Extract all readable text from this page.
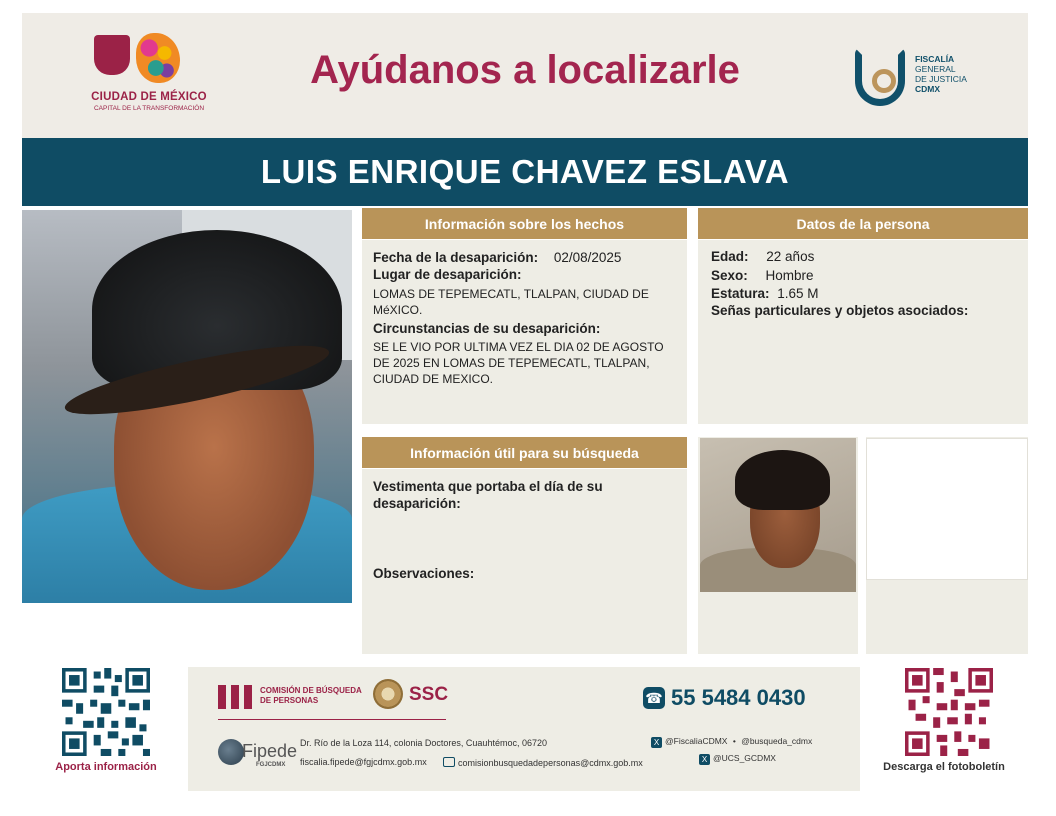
CIUDAD DE MÉXICO
CAPITAL DE LA TRANSFORMACIÓN
Ayúdanos a localizarle	FISCALÍA
GENERAL
DE JUSTICIA
CDMX
LUIS ENRIQUE CHAVEZ ESLAVA
Información sobre los hechos
Fecha de la desaparición: 02/08/2025
Lugar de desaparición:
LOMAS DE TEPEMECATL, TLALPAN, CIUDAD DE MéXICO.
Circunstancias de su desaparición:
SE LE VIO POR ULTIMA VEZ EL DIA 02 DE AGOSTO DE 2025 EN LOMAS DE TEPEMECATL, TLALPAN, CIUDAD DE MEXICO.
Datos de la persona
Edad: 22 años
Sexo: Hombre
Estatura: 1.65 M
Señas particulares y objetos asociados:
Información útil para su búsqueda
Vestimenta que portaba el día de su desaparición:
Observaciones:
Aporta información
COMISIÓN DE BÚSQUEDA
DE PERSONAS	SSC	☎ 55 5484 0430
Fipede
FGJCDMX
Dr. Río de la Loza 114, colonia Doctores, Cuauhtémoc, 06720
fiscalia.fipede@fgjcdmx.gob.mx	comisionbusquedadepersonas@cdmx.gob.mx
X @FiscaliaCDMX • @busqueda_cdmx
X @UCS_GCDMX
Descarga el fotoboletín
